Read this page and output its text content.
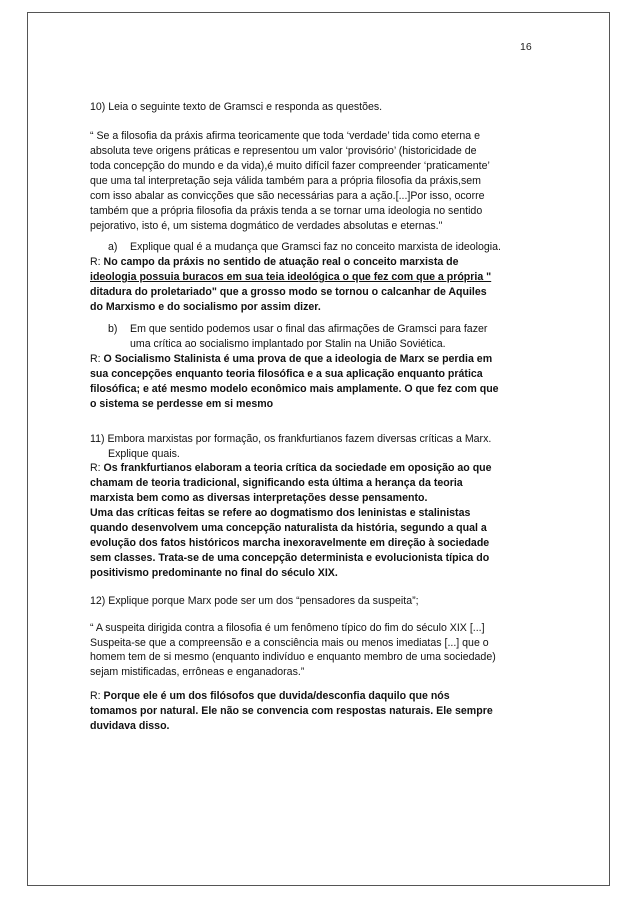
16

10) Leia o seguinte texto de Gramsci e responda as questões.

“ Se a filosofia da práxis afirma teoricamente que toda ‘verdade’ tida como eterna e
absoluta teve origens práticas e representou um valor ‘provisório’ (historicidade de
toda concepção do mundo e da vida),é muito difícil fazer compreender ‘praticamente’
que uma tal interpretação seja válida também para a própria filosofia da práxis,sem
com isso abalar as convicções que são necessárias para a ação.[...]Por isso, ocorre
também que a própria filosofia da práxis tenda a se tornar uma ideologia no sentido
pejorativo, isto é, um sistema dogmático de verdades absolutas e eternas."

a) Explique qual é a mudança que Gramsci faz no conceito marxista de ideologia.

R: No campo da práxis no sentido de atuação real o conceito marxista de
ideologia possuia buracos em sua teia ideológica o que fez com que a própria "
ditadura do proletariado" que a grosso modo se tornou o calcanhar de Aquiles
do Marxismo e do socialismo por assim dizer.

b) Em que sentido podemos usar o final das afirmações de Gramsci para fazer
uma crítica ao socialismo implantado por Stalin na União Soviética.

R: O Socialismo Stalinista é uma prova de que a ideologia de Marx se perdia em
sua concepções enquanto teoria filosófica e a sua aplicação enquanto prática
filosófica; e até mesmo modelo econômico mais amplamente. O que fez com que
o sistema se perdesse em si mesmo

11) Embora marxistas por formação, os frankfurtianos fazem diversas críticas a Marx.
Explique quais.

R: Os frankfurtianos elaboram a teoria crítica da sociedade em oposição ao que
chamam de teoria tradicional, significando esta última a herança da teoria
marxista bem como as diversas interpretações desse pensamento.
Uma das críticas feitas se refere ao dogmatismo dos leninistas e stalinistas
quando desenvolvem uma concepção naturalista da história, segundo a qual a
evolução dos fatos históricos marcha inexoravelmente em direção à sociedade
sem classes. Trata-se de uma concepção determinista e evolucionista típica do
positivismo predominante no final do século XIX.

12) Explique porque Marx pode ser um dos “pensadores da suspeita”;

“ A suspeita dirigida contra a filosofia é um fenômeno típico do fim do século XIX [...]
Suspeita-se que a compreensão e a consciência mais ou menos imediatas [...] que o
homem tem de si mesmo (enquanto indivíduo e enquanto membro de uma sociedade)
sejam mistificadas, errôneas e enganadoras.”

R: Porque ele é um dos filósofos que duvida/desconfia daquilo que nós
tomamos por natural. Ele não se convencia com respostas naturais. Ele sempre
duvidava disso.
